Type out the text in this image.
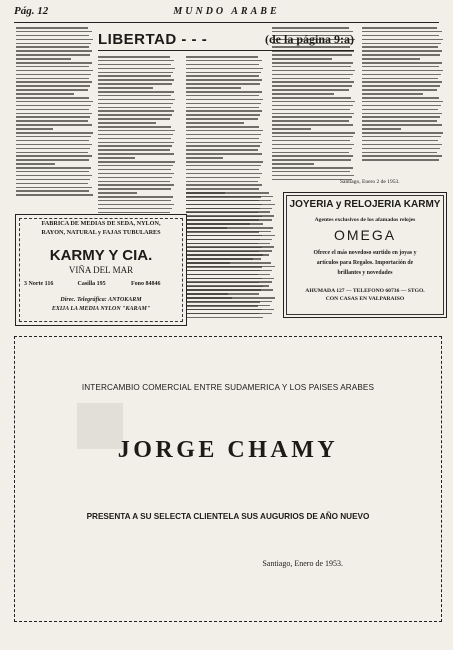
Pág. 12	MUNDO ARABE
LIBERTAD - - -	(de la página 9:a)
Santiago, Enero 2 de 1953.
FABRICA DE MEDIAS DE SEDA, NYLON,
RAYON, NATURAL y FAJAS TUBULARES
KARMY Y CIA.
VIÑA DEL MAR
3 Norte 116	Casilla 195	Fono 84846
Direc. Telegráfica: ANTOKARM
EXIJA LA MEDIA NYLON "KARAM"
JOYERIA y RELOJERIA KARMY
Agentes exclusivos de los afamados relojes
OMEGA
Ofrece el más novedoso surtido en joyas y
artículos para Regalos. Importación de
brillantes y novedades
AHUMADA 127 — TELEFONO 60736 — STGO.
CON CASAS EN VALPARAISO
INTERCAMBIO COMERCIAL ENTRE SUDAMERICA Y LOS PAISES ARABES
JORGE CHAMY
PRESENTA A SU SELECTA CLIENTELA SUS AUGURIOS DE AÑO NUEVO
Santiago, Enero de 1953.
